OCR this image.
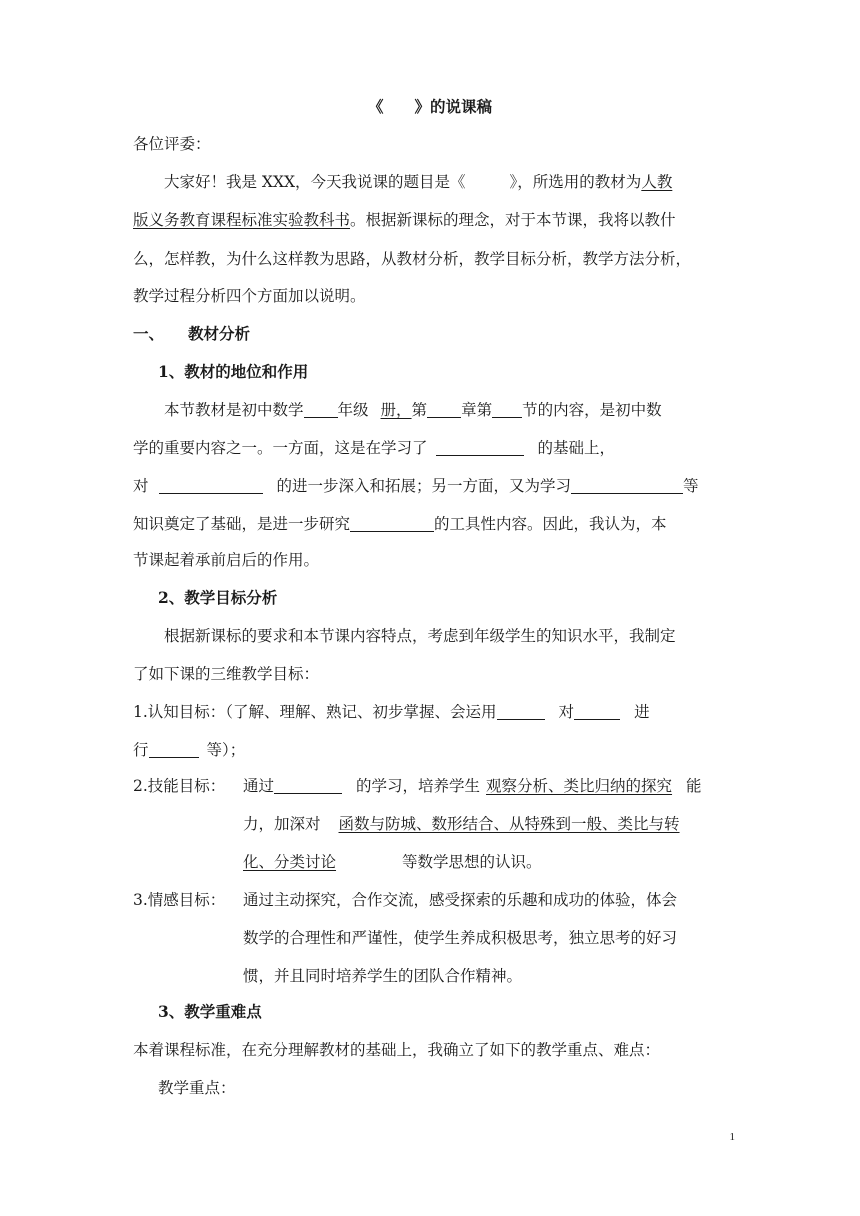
《　　》的说课稿
各位评委：
大家好！我是 XXX，今天我说课的题目是《	》，所选用的教材为人教
版义务教育课程标准实验教科书。根据新课标的理念，对于本节课，我将以教什
么，怎样教，为什么这样教为思路，从教材分析，教学目标分析，教学方法分析，
教学过程分析四个方面加以说明。
一、 教材分析
1、教材的地位和作用
本节教材是初中数学 年级 册，第 章第 节的内容，是初中数
学的重要内容之一。一方面，这是在学习了	的基础上，
对	的进一步深入和拓展；另一方面，又为学习	等
知识奠定了基础，是进一步研究	的工具性内容。因此，我认为，本
节课起着承前启后的作用。
2、教学目标分析
根据新课标的要求和本节课内容特点，考虑到年级学生的知识水平，我制定
了如下课的三维教学目标：
1.认知目标：（了解、理解、熟记、初步掌握、会运用	对	进
行	等）；
2.技能目标：	通过	的学习，培养学生 观察分析、类比归纳的探究 能
力，加深对 函数与防城、数形结合、从特殊到一般、类比与转
化、分类讨论	等数学思想的认识。
3.情感目标：	通过主动探究，合作交流，感受探索的乐趣和成功的体验，体会
数学的合理性和严谨性，使学生养成积极思考，独立思考的好习
惯，并且同时培养学生的团队合作精神。
3、教学重难点
本着课程标准，在充分理解教材的基础上，我确立了如下的教学重点、难点：
教学重点：
1
